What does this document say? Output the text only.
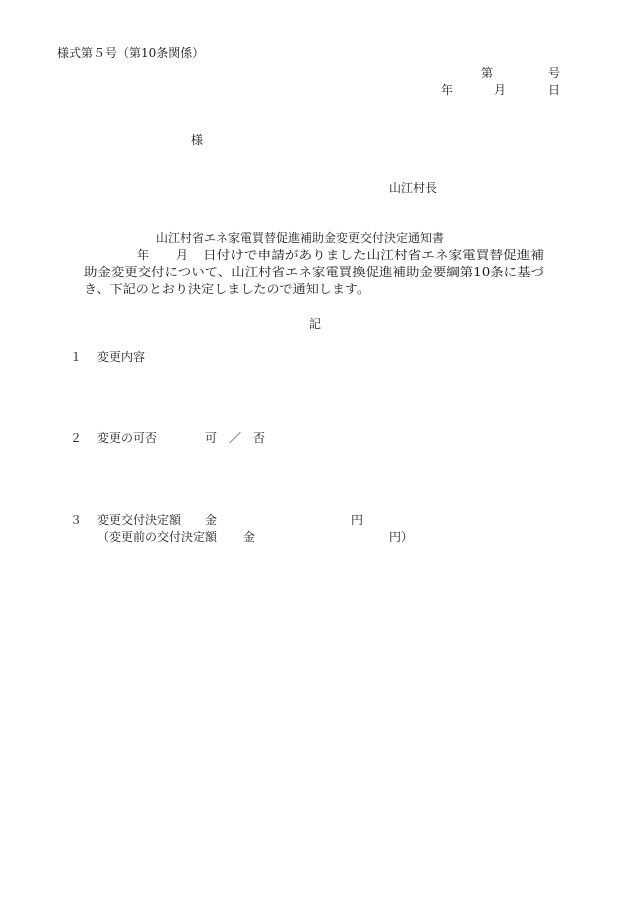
様式第５号（第10条関係）
第	号
年	月	日
様
山江村長
山江村省エネ家電買替促進補助金変更交付決定通知書
年 月 日付けで申請がありました山江村省エネ家電買替促進補
助金変更交付について、山江村省エネ家電買換促進補助金要綱第10条に基づ
き、下記のとおり決定しましたので通知します。
記
１ 変更内容
２ 変更の可否	可　／　否
３ 変更交付決定額 金	円
（変更前の交付決定額 金	円）
